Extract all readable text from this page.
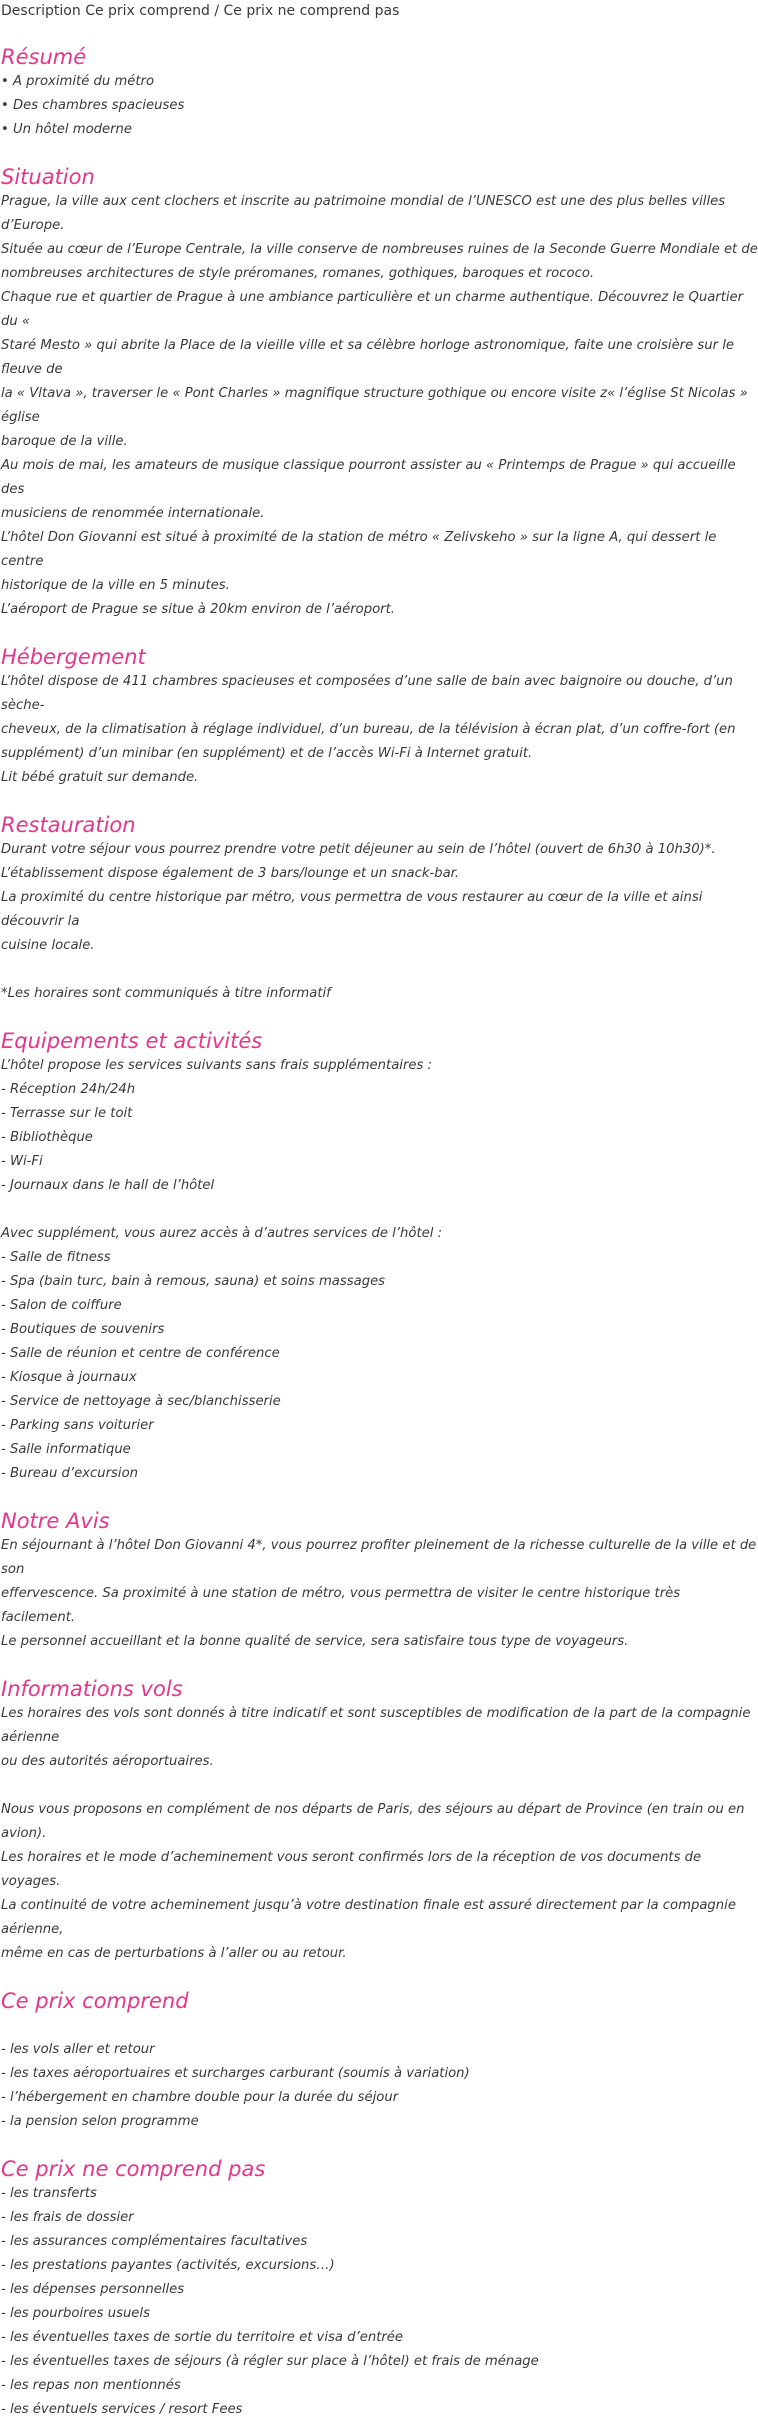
Description Ce prix comprend / Ce prix ne comprend pas
Résumé

• A proximité du métro

• Des chambres spacieuses

• Un hôtel moderne

Situation

Prague, la ville aux cent clochers et inscrite au patrimoine mondial de l’UNESCO est une des plus belles villes d’Europe.

Située au cœur de l’Europe Centrale, la ville conserve de nombreuses ruines de la Seconde Guerre Mondiale et de

nombreuses architectures de style préromanes, romanes, gothiques, baroques et rococo.

Chaque rue et quartier de Prague à une ambiance particulière et un charme authentique. Découvrez le Quartier du «

Staré Mesto » qui abrite la Place de la vieille ville et sa célèbre horloge astronomique, faite une croisière sur le fleuve de

la « Vltava », traverser le « Pont Charles » magnifique structure gothique ou encore visite z« l’église St Nicolas » église

baroque de la ville.

Au mois de mai, les amateurs de musique classique pourront assister au « Printemps de Prague » qui accueille des

musiciens de renommée internationale.

L’hôtel Don Giovanni est situé à proximité de la station de métro « Zelivskeho » sur la ligne A, qui dessert le centre

historique de la ville en 5 minutes.

L’aéroport de Prague se situe à 20km environ de l’aéroport.

Hébergement

L’hôtel dispose de 411 chambres spacieuses et composées d’une salle de bain avec baignoire ou douche, d’un sèche-

cheveux, de la climatisation à réglage individuel, d’un bureau, de la télévision à écran plat, d’un coffre-fort (en

supplément) d’un minibar (en supplément) et de l’accès Wi-Fi à Internet gratuit.

Lit bébé gratuit sur demande.

Restauration

Durant votre séjour vous pourrez prendre votre petit déjeuner au sein de l’hôtel (ouvert de 6h30 à 10h30)*.

L’établissement dispose également de 3 bars/lounge et un snack-bar.

La proximité du centre historique par métro, vous permettra de vous restaurer au cœur de la ville et ainsi découvrir la

cuisine locale.

*Les horaires sont communiqués à titre informatif

Equipements et activités

L’hôtel propose les services suivants sans frais supplémentaires :

- Réception 24h/24h

- Terrasse sur le toit

- Bibliothèque

- Wi-Fi

- Journaux dans le hall de l’hôtel

Avec supplément, vous aurez accès à d’autres services de l’hôtel :

- Salle de fitness

- Spa (bain turc, bain à remous, sauna) et soins massages

- Salon de coiffure

- Boutiques de souvenirs

- Salle de réunion et centre de conférence

- Kiosque à journaux

- Service de nettoyage à sec/blanchisserie

- Parking sans voiturier

- Salle informatique

- Bureau d’excursion

Notre Avis

En séjournant à l’hôtel Don Giovanni 4*, vous pourrez profiter pleinement de la richesse culturelle de la ville et de son

effervescence. Sa proximité à une station de métro, vous permettra de visiter le centre historique très facilement.

Le personnel accueillant et la bonne qualité de service, sera satisfaire tous type de voyageurs.

Informations vols

Les horaires des vols sont donnés à titre indicatif et sont susceptibles de modification de la part de la compagnie aérienne

ou des autorités aéroportuaires.

Nous vous proposons en complément de nos départs de Paris, des séjours au départ de Province (en train ou en avion).

Les horaires et le mode d’acheminement vous seront confirmés lors de la réception de vos documents de voyages.

La continuité de votre acheminement jusqu’à votre destination finale est assuré directement par la compagnie aérienne,

même en cas de perturbations à l’aller ou au retour.

Ce prix comprend

- les vols aller et retour

- les taxes aéroportuaires et surcharges carburant (soumis à variation)

- l’hébergement en chambre double pour la durée du séjour

- la pension selon programme

Ce prix ne comprend pas

- les transferts

- les frais de dossier

- les assurances complémentaires facultatives

- les prestations payantes (activités, excursions…)

- les dépenses personnelles

- les pourboires usuels

- les éventuelles taxes de sortie du territoire et visa d’entrée

- les éventuelles taxes de séjours (à régler sur place à l’hôtel) et frais de ménage

- les repas non mentionnés

- les éventuels services / resort Fees
